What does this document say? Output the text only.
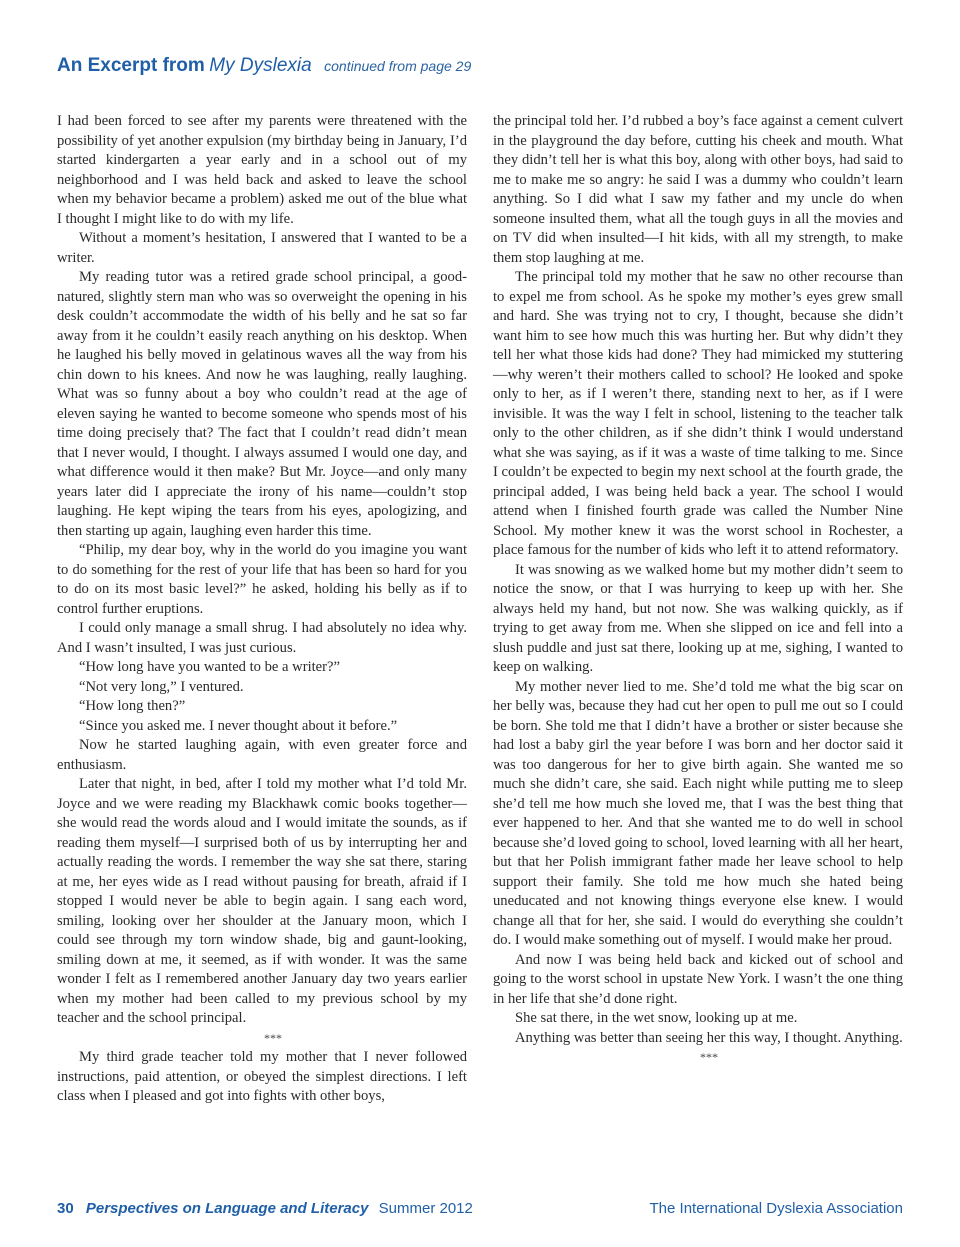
An Excerpt from My Dyslexia continued from page 29

I had been forced to see after my parents were threatened with the possibility of yet another expulsion (my birthday being in January, I’d started kindergarten a year early and in a school out of my neighborhood and I was held back and asked to leave the school when my behavior became a problem) asked me out of the blue what I thought I might like to do with my life.

Without a moment’s hesitation, I answered that I wanted to be a writer.

My reading tutor was a retired grade school principal, a good-natured, slightly stern man who was so overweight the opening in his desk couldn’t accommodate the width of his belly and he sat so far away from it he couldn’t easily reach anything on his desktop. When he laughed his belly moved in gelatinous waves all the way from his chin down to his knees. And now he was laughing, really laughing. What was so funny about a boy who couldn’t read at the age of eleven saying he wanted to become someone who spends most of his time doing precisely that? The fact that I couldn’t read didn’t mean that I never would, I thought. I always assumed I would one day, and what difference would it then make? But Mr. Joyce—and only many years later did I appreciate the irony of his name—couldn’t stop laughing. He kept wiping the tears from his eyes, apologizing, and then starting up again, laughing even harder this time.

“Philip, my dear boy, why in the world do you imagine you want to do something for the rest of your life that has been so hard for you to do on its most basic level?” he asked, holding his belly as if to control further eruptions.

I could only manage a small shrug. I had absolutely no idea why. And I wasn’t insulted, I was just curious.

“How long have you wanted to be a writer?”

“Not very long,” I ventured.

“How long then?”

“Since you asked me. I never thought about it before.”

Now he started laughing again, with even greater force and enthusiasm.

Later that night, in bed, after I told my mother what I’d told Mr. Joyce and we were reading my Blackhawk comic books together—she would read the words aloud and I would imitate the sounds, as if reading them myself—I surprised both of us by interrupting her and actually reading the words. I remember the way she sat there, staring at me, her eyes wide as I read without pausing for breath, afraid if I stopped I would never be able to begin again. I sang each word, smiling, looking over her shoulder at the January moon, which I could see through my torn window shade, big and gaunt-looking, smiling down at me, it seemed, as if with wonder. It was the same wonder I felt as I remembered another January day two years earlier when my mother had been called to my previous school by my teacher and the school principal.

***

My third grade teacher told my mother that I never followed instructions, paid attention, or obeyed the simplest directions. I left class when I pleased and got into fights with other boys,

the principal told her. I’d rubbed a boy’s face against a cement culvert in the playground the day before, cutting his cheek and mouth. What they didn’t tell her is what this boy, along with other boys, had said to me to make me so angry: he said I was a dummy who couldn’t learn anything. So I did what I saw my father and my uncle do when someone insulted them, what all the tough guys in all the movies and on TV did when insulted—I hit kids, with all my strength, to make them stop laughing at me.

The principal told my mother that he saw no other recourse than to expel me from school. As he spoke my mother’s eyes grew small and hard. She was trying not to cry, I thought, because she didn’t want him to see how much this was hurting her. But why didn’t they tell her what those kids had done? They had mimicked my stuttering—why weren’t their mothers called to school? He looked and spoke only to her, as if I weren’t there, standing next to her, as if I were invisible. It was the way I felt in school, listening to the teacher talk only to the other children, as if she didn’t think I would understand what she was saying, as if it was a waste of time talking to me. Since I couldn’t be expected to begin my next school at the fourth grade, the principal added, I was being held back a year. The school I would attend when I finished fourth grade was called the Number Nine School. My mother knew it was the worst school in Rochester, a place famous for the number of kids who left it to attend reformatory.

It was snowing as we walked home but my mother didn’t seem to notice the snow, or that I was hurrying to keep up with her. She always held my hand, but not now. She was walking quickly, as if trying to get away from me. When she slipped on ice and fell into a slush puddle and just sat there, looking up at me, sighing, I wanted to keep on walking.

My mother never lied to me. She’d told me what the big scar on her belly was, because they had cut her open to pull me out so I could be born. She told me that I didn’t have a brother or sister because she had lost a baby girl the year before I was born and her doctor said it was too dangerous for her to give birth again. She wanted me so much she didn’t care, she said. Each night while putting me to sleep she’d tell me how much she loved me, that I was the best thing that ever happened to her. And that she wanted me to do well in school because she’d loved going to school, loved learning with all her heart, but that her Polish immigrant father made her leave school to help support their family. She told me how much she hated being uneducated and not knowing things everyone else knew. I would change all that for her, she said. I would do everything she couldn’t do. I would make something out of myself. I would make her proud.

And now I was being held back and kicked out of school and going to the worst school in upstate New York. I wasn’t the one thing in her life that she’d done right.

She sat there, in the wet snow, looking up at me.

Anything was better than seeing her this way, I thought. Anything.

***

30 Perspectives on Language and Literacy Summer 2012	The International Dyslexia Association
